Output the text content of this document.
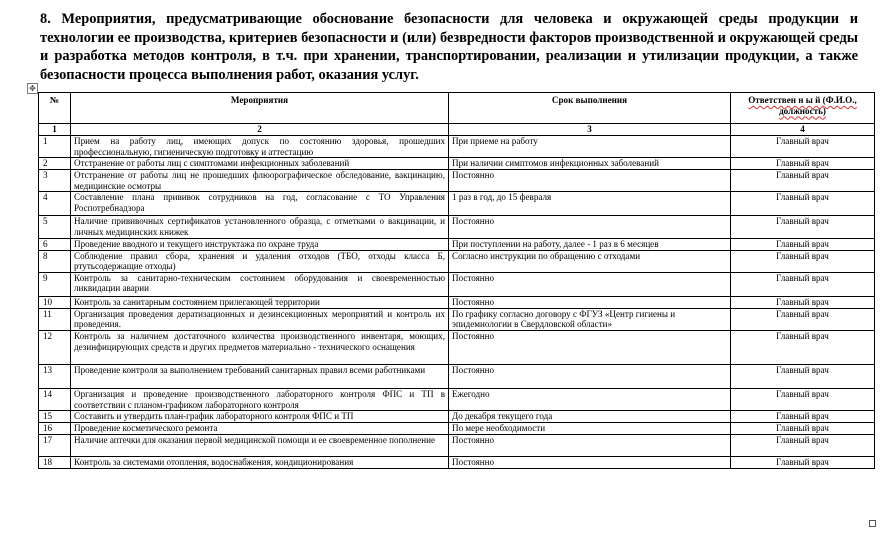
8. Мероприятия, предусматривающие обоснование безопасности для человека и окружающей среды продукции и технологии ее производства, критериев безопасности и (или) безвредности факторов производственной и окружающей среды и разработка методов контроля, в т.ч. при хранении, транспортировании, реализации и утилизации продукции, а также безопасности процесса выполнения работ, оказания услуг.
✥
№	Мероприятия	Срок выполнения	Ответствен н ы й (Ф.И.О., должность)
1	2	3	4
1	Прием на работу лиц, имеющих допуск по состоянию здоровья, прошедших профессиональную, гигиеническую подготовку и аттестацию	При приеме на работу	Главный врач
2	Отстранение от работы лиц с симптомами инфекционных заболеваний	При наличии симптомов инфекционных заболеваний	Главный врач
3	Отстранение от работы лиц не прошедших флюорографическое обследование, вакцинацию, медицинские осмотры	Постоянно	Главный врач
4	Составление плана прививок сотрудников на год, согласование с ТО Управления Роспотребнадзора	1 раз в год, до 15 февраля	Главный врач
5	Наличие прививочных сертификатов установленного образца, с отметками о вакцинации, и личных медицинских книжек	Постоянно	Главный врач
6	Проведение вводного и текущего инструктажа по охране труда	При поступлении на работу, далее - 1 раз в 6 месяцев	Главный врач
8	Соблюдение правил сбора, хранения и удаления отходов (ТБО, отходы класса Б, ртутьсодержащие отходы)	Согласно инструкции по обращению с отходами	Главный врач
9	Контроль за санитарно-техническим состоянием оборудования и своевременностью ликвидации аварии	Постоянно	Главный врач
10	Контроль за санитарным состоянием прилегающей территории	Постоянно	Главный врач
11	Организация проведения дератизационных и дезинсекционных мероприятий и контроль их проведения.	По графику согласно договору с ФГУЗ «Центр гигиены и эпидемиологии в Свердловской области»	Главный врач
12	Контроль за наличием достаточного количества производственного инвентаря, моющих, дезинфицирующих средств и других предметов материально - технического оснащения	Постоянно	Главный врач
13	Проведение контроля за выполнением требований санитарных правил всеми работниками	Постоянно	Главный врач
14	Организация и проведение производственного лабораторного контроля ФПС и ТП в соответствии с планом-графиком лабораторного контроля	Ежегодно	Главный врач
15	Составить и утвердить план-график лабораторного контроля ФПС и ТП	До декабря текущего года	Главный врач
16	Проведение косметического ремонта	По мере необходимости	Главный врач
17	Наличие аптечки для оказания первой медицинской помощи и ее своевременное пополнение	Постоянно	Главный врач
18	Контроль за системами отопления, водоснабжения, кондиционирования	Постоянно	Главный врач
